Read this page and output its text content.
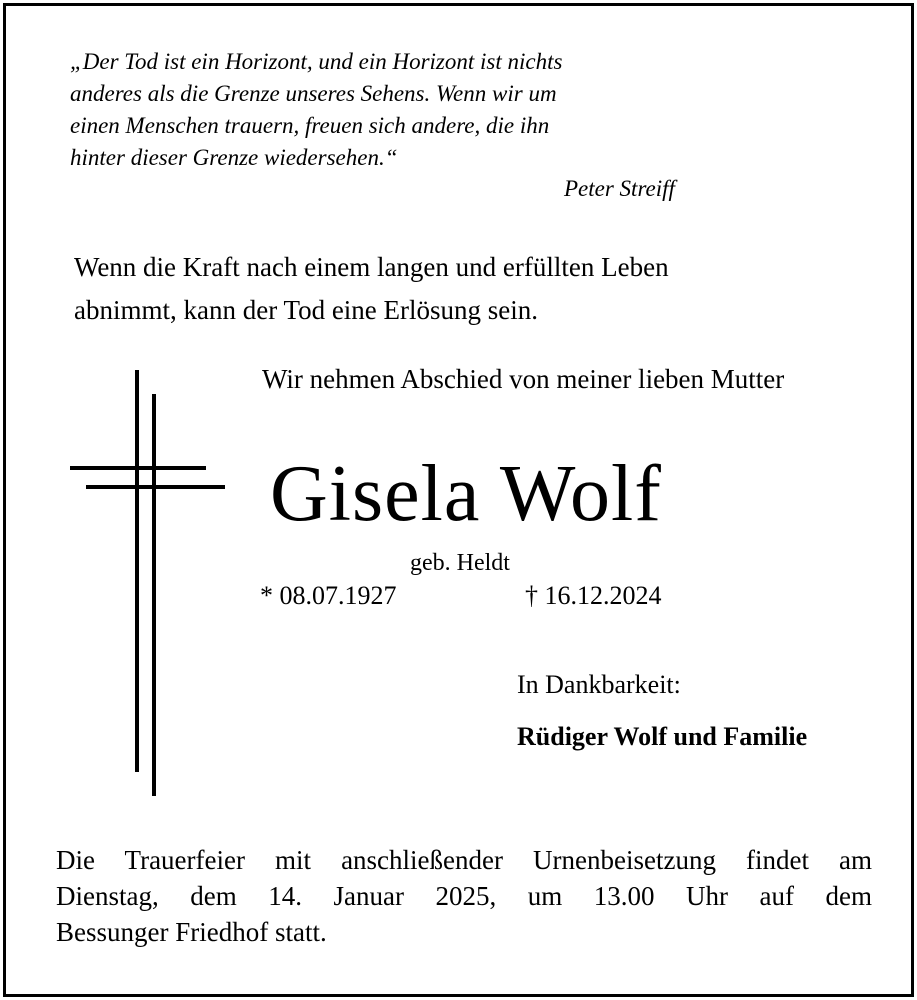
„Der Tod ist ein Horizont, und ein Horizont ist nichts
anderes als die Grenze unseres Sehens. Wenn wir um
einen Menschen trauern, freuen sich andere, die ihn
hinter dieser Grenze wiedersehen.“
Peter Streiff
Wenn die Kraft nach einem langen und erfüllten Leben
abnimmt, kann der Tod eine Erlösung sein.
Wir nehmen Abschied von meiner lieben Mutter
Gisela Wolf
geb. Heldt
* 08.07.1927	† 16.12.2024
In Dankbarkeit:
Rüdiger Wolf und Familie
Die Trauerfeier mit anschließender Urnenbeisetzung findet am
Dienstag, dem 14. Januar 2025, um 13.00 Uhr auf dem
Bessunger Friedhof statt.
